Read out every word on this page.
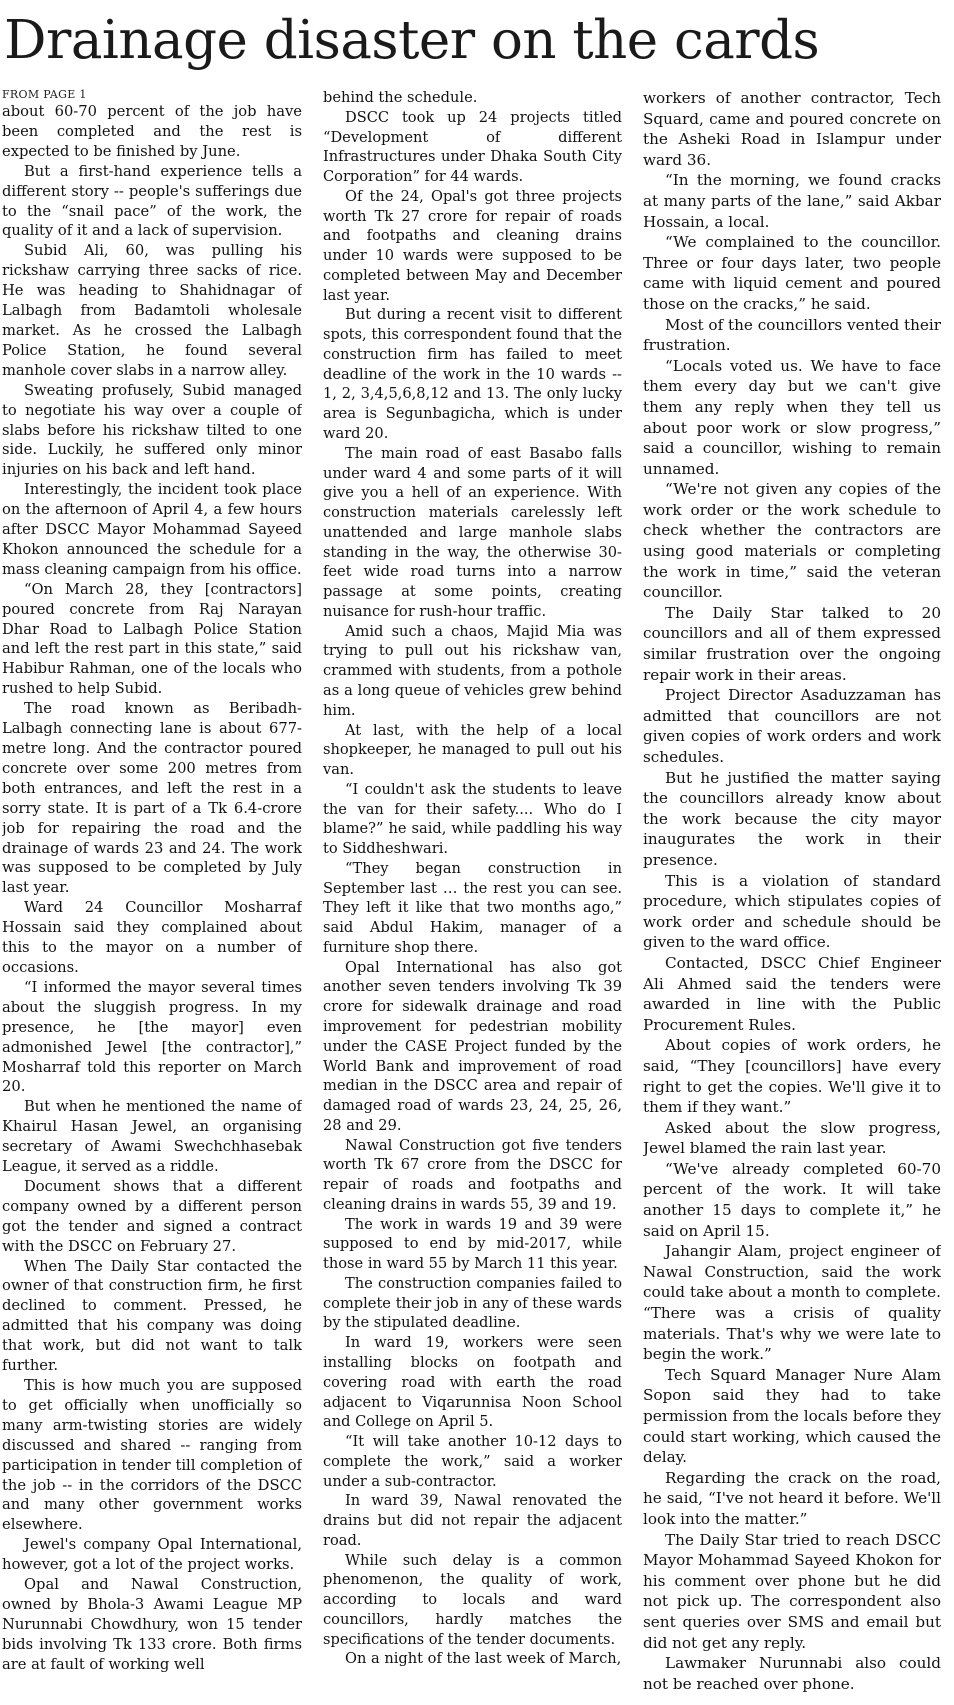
Drainage disaster on the cards
FROM PAGE 1

about 60-70 percent of the job have been completed and the rest is expected to be finished by June.

But a first-hand experience tells a different story -- people's sufferings due to the “snail pace” of the work, the quality of it and a lack of supervision.

Subid Ali, 60, was pulling his rickshaw carrying three sacks of rice. He was heading to Shahidnagar of Lalbagh from Badamtoli wholesale market. As he crossed the Lalbagh Police Station, he found several manhole cover slabs in a narrow alley.

Sweating profusely, Subid managed to negotiate his way over a couple of slabs before his rickshaw tilted to one side. Luckily, he suffered only minor injuries on his back and left hand.

Interestingly, the incident took place on the afternoon of April 4, a few hours after DSCC Mayor Mohammad Sayeed Khokon announced the schedule for a mass cleaning campaign from his office.

“On March 28, they [contractors] poured concrete from Raj Narayan Dhar Road to Lalbagh Police Station and left the rest part in this state,” said Habibur Rahman, one of the locals who rushed to help Subid.

The road known as Beribadh-Lalbagh connecting lane is about 677-metre long. And the contractor poured concrete over some 200 metres from both entrances, and left the rest in a sorry state. It is part of a Tk 6.4-crore job for repairing the road and the drainage of wards 23 and 24. The work was supposed to be completed by July last year.

Ward 24 Councillor Mosharraf Hossain said they complained about this to the mayor on a number of occasions.

“I informed the mayor several times about the sluggish progress. In my presence, he [the mayor] even admonished Jewel [the contractor],” Mosharraf told this reporter on March 20.

But when he mentioned the name of Khairul Hasan Jewel, an organising secretary of Awami Swechchhasebak League, it served as a riddle.

Document shows that a different company owned by a different person got the tender and signed a contract with the DSCC on February 27.

When The Daily Star contacted the owner of that construction firm, he first declined to comment. Pressed, he admitted that his company was doing that work, but did not want to talk further.

This is how much you are supposed to get officially when unofficially so many arm-twisting stories are widely discussed and shared -- ranging from participation in tender till completion of the job -- in the corridors of the DSCC and many other government works elsewhere.

Jewel's company Opal International, however, got a lot of the project works.

Opal and Nawal Construction, owned by Bhola-3 Awami League MP Nurunnabi Chowdhury, won 15 tender bids involving Tk 133 crore. Both firms are at fault of working well

behind the schedule.

DSCC took up 24 projects titled “Development of different Infrastructures under Dhaka South City Corporation” for 44 wards.

Of the 24, Opal's got three projects worth Tk 27 crore for repair of roads and footpaths and cleaning drains under 10 wards were supposed to be completed between May and December last year.

But during a recent visit to different spots, this correspondent found that the construction firm has failed to meet deadline of the work in the 10 wards -- 1, 2, 3,4,5,6,8,12 and 13. The only lucky area is Segunbagicha, which is under ward 20.

The main road of east Basabo falls under ward 4 and some parts of it will give you a hell of an experience. With construction materials carelessly left unattended and large manhole slabs standing in the way, the otherwise 30-feet wide road turns into a narrow passage at some points, creating nuisance for rush-hour traffic.

Amid such a chaos, Majid Mia was trying to pull out his rickshaw van, crammed with students, from a pothole as a long queue of vehicles grew behind him.

At last, with the help of a local shopkeeper, he managed to pull out his van.

“I couldn't ask the students to leave the van for their safety.... Who do I blame?” he said, while paddling his way to Siddheshwari.

“They began construction in September last … the rest you can see. They left it like that two months ago,” said Abdul Hakim, manager of a furniture shop there.

Opal International has also got another seven tenders involving Tk 39 crore for sidewalk drainage and road improvement for pedestrian mobility under the CASE Project funded by the World Bank and improvement of road median in the DSCC area and repair of damaged road of wards 23, 24, 25, 26, 28 and 29.

Nawal Construction got five tenders worth Tk 67 crore from the DSCC for repair of roads and footpaths and cleaning drains in wards 55, 39 and 19.

The work in wards 19 and 39 were supposed to end by mid-2017, while those in ward 55 by March 11 this year.

The construction companies failed to complete their job in any of these wards by the stipulated deadline.

In ward 19, workers were seen installing blocks on footpath and covering road with earth the road adjacent to Viqarunnisa Noon School and College on April 5.

“It will take another 10-12 days to complete the work,” said a worker under a sub-contractor.

In ward 39, Nawal renovated the drains but did not repair the adjacent road.

While such delay is a common phenomenon, the quality of work, according to locals and ward councillors, hardly matches the specifications of the tender documents.

On a night of the last week of March,

workers of another contractor, Tech Squard, came and poured concrete on the Asheki Road in Islampur under ward 36.

“In the morning, we found cracks at many parts of the lane,” said Akbar Hossain, a local.

“We complained to the councillor. Three or four days later, two people came with liquid cement and poured those on the cracks,” he said.

Most of the councillors vented their frustration.

“Locals voted us. We have to face them every day but we can't give them any reply when they tell us about poor work or slow progress,” said a councillor, wishing to remain unnamed.

“We're not given any copies of the work order or the work schedule to check whether the contractors are using good materials or completing the work in time,” said the veteran councillor.

The Daily Star talked to 20 councillors and all of them expressed similar frustration over the ongoing repair work in their areas.

Project Director Asaduzzaman has admitted that councillors are not given copies of work orders and work schedules.

But he justified the matter saying the councillors already know about the work because the city mayor inaugurates the work in their presence.

This is a violation of standard procedure, which stipulates copies of work order and schedule should be given to the ward office.

Contacted, DSCC Chief Engineer Ali Ahmed said the tenders were awarded in line with the Public Procurement Rules.

About copies of work orders, he said, “They [councillors] have every right to get the copies. We'll give it to them if they want.”

Asked about the slow progress, Jewel blamed the rain last year.

“We've already completed 60-70 percent of the work. It will take another 15 days to complete it,” he said on April 15.

Jahangir Alam, project engineer of Nawal Construction, said the work could take about a month to complete. “There was a crisis of quality materials. That's why we were late to begin the work.”

Tech Squard Manager Nure Alam Sopon said they had to take permission from the locals before they could start working, which caused the delay.

Regarding the crack on the road, he said, “I've not heard it before. We'll look into the matter.”

The Daily Star tried to reach DSCC Mayor Mohammad Sayeed Khokon for his comment over phone but he did not pick up. The correspondent also sent queries over SMS and email but did not get any reply.

Lawmaker Nurunnabi also could not be reached over phone.
